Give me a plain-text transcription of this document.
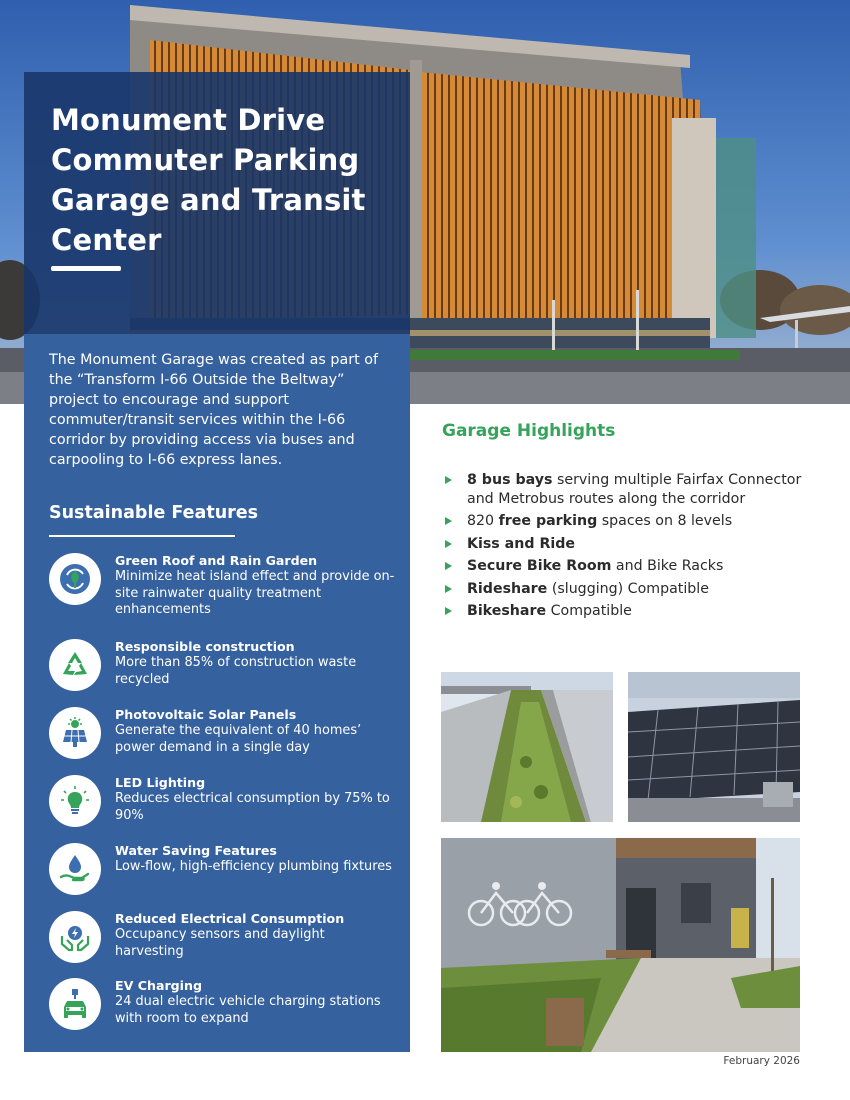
Monument Drive Commuter Parking Garage and Transit Center

The Monument Garage was created as part of the “Transform I-66 Outside the Beltway” project to encourage and support commuter/transit services within the I-66 corridor by providing access via buses and carpooling to I-66 express lanes.

Sustainable Features
Green Roof and Rain Garden
Minimize heat island effect and provide on-site rainwater quality treatment enhancements
Responsible construction
More than 85% of construction waste recycled
Photovoltaic Solar Panels
Generate the equivalent of 40 homes’ power demand in a single day
LED Lighting
Reduces electrical consumption by 75% to 90%
Water Saving Features
Low-flow, high-efficiency plumbing fixtures
Reduced Electrical Consumption
Occupancy sensors and daylight harvesting
EV Charging
24 dual electric vehicle charging stations with room to expand
Garage Highlights
8 bus bays serving multiple Fairfax Connector and Metrobus routes along the corridor
820 free parking spaces on 8 levels
Kiss and Ride
Secure Bike Room and Bike Racks
Rideshare (slugging) Compatible
Bikeshare Compatible
February 2026
